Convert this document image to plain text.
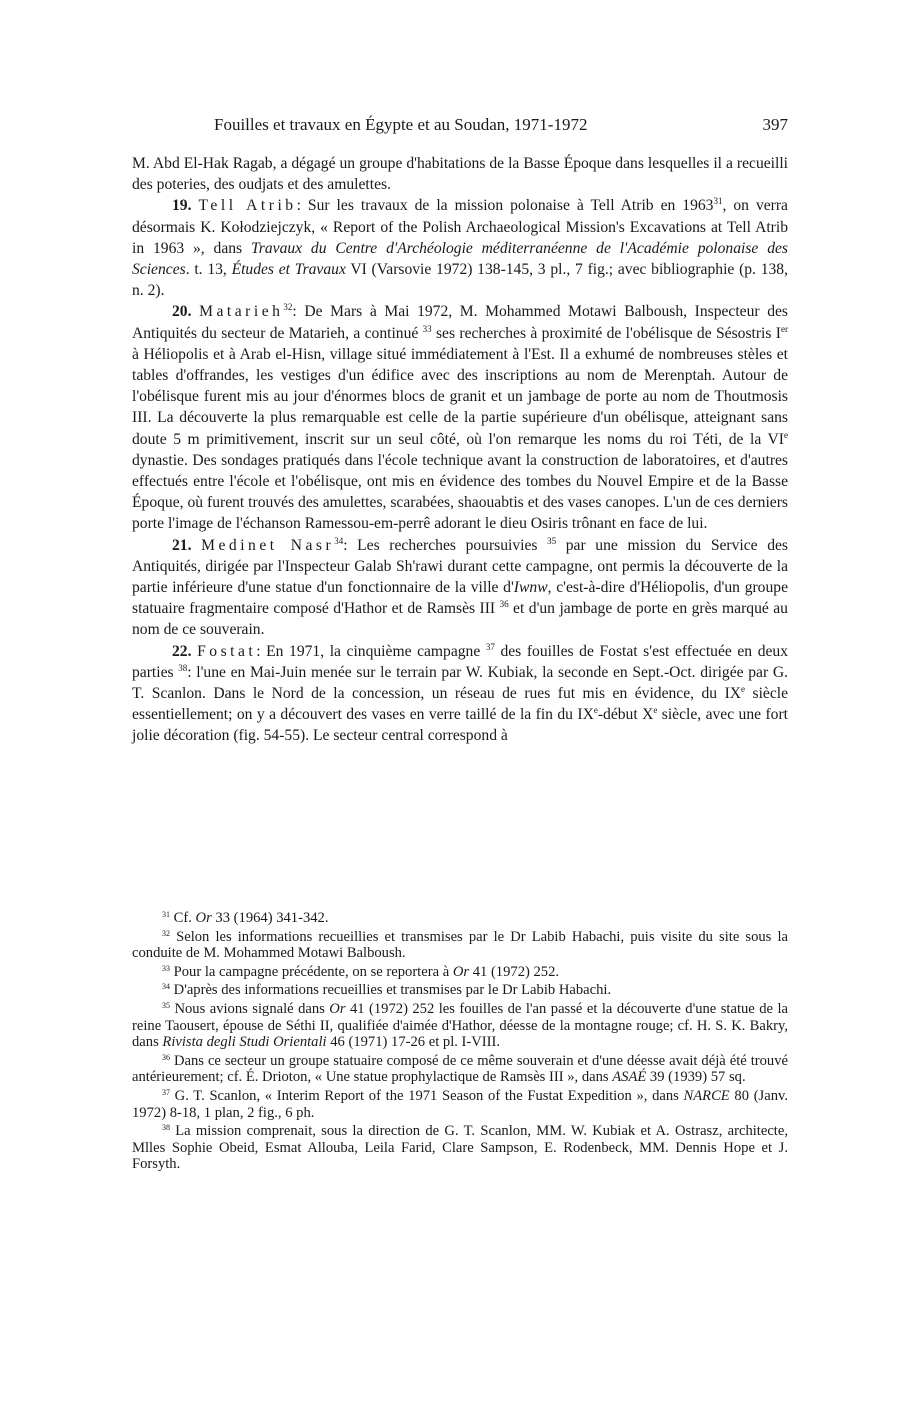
Fouilles et travaux en Égypte et au Soudan, 1971-1972	397

M. Abd El-Hak Ragab, a dégagé un groupe d'habitations de la Basse Époque dans lesquelles il a recueilli des poteries, des oudjats et des amulettes.

19. Tell Atrib: Sur les travaux de la mission polonaise à Tell Atrib en 1963$^{31}$, on verra désormais K. Kołodziejczyk, « Report of the Polish Archaeological Mission's Excavations at Tell Atrib in 1963 », dans Travaux du Centre d'Archéologie méditerranéenne de l'Académie polonaise des Sciences. t. 13, Études et Travaux VI (Varsovie 1972) 138-145, 3 pl., 7 fig.; avec bibliographie (p. 138, n. 2).

20. Matarieh$^{32}$: De Mars à Mai 1972, M. Mohammed Motawi Balboush, Inspecteur des Antiquités du secteur de Matarieh, a continué $^{33}$ ses recherches à proximité de l'obélisque de Sésostris Ier à Héliopolis et à Arab el-Hisn, village situé immédiatement à l'Est. Il a exhumé de nombreuses stèles et tables d'offrandes, les vestiges d'un édifice avec des inscriptions au nom de Merenptah. Autour de l'obélisque furent mis au jour d'énormes blocs de granit et un jambage de porte au nom de Thoutmosis III. La découverte la plus remarquable est celle de la partie supérieure d'un obélisque, atteignant sans doute 5 m primitivement, inscrit sur un seul côté, où l'on remarque les noms du roi Téti, de la VIe dynastie. Des sondages pratiqués dans l'école technique avant la construction de laboratoires, et d'autres effectués entre l'école et l'obélisque, ont mis en évidence des tombes du Nouvel Empire et de la Basse Époque, où furent trouvés des amulettes, scarabées, shaouabtis et des vases canopes. L'un de ces derniers porte l'image de l'échanson Ramessou-em-perrê adorant le dieu Osiris trônant en face de lui.

21. Medinet Nasr$^{34}$: Les recherches poursuivies $^{35}$ par une mission du Service des Antiquités, dirigée par l'Inspecteur Galab Sh'rawi durant cette campagne, ont permis la découverte de la partie inférieure d'une statue d'un fonctionnaire de la ville d'Iwnw, c'est-à-dire d'Héliopolis, d'un groupe statuaire fragmentaire composé d'Hathor et de Ramsès III $^{36}$ et d'un jambage de porte en grès marqué au nom de ce souverain.

22. Fostat: En 1971, la cinquième campagne $^{37}$ des fouilles de Fostat s'est effectuée en deux parties $^{38}$: l'une en Mai-Juin menée sur le terrain par W. Kubiak, la seconde en Sept.-Oct. dirigée par G. T. Scanlon. Dans le Nord de la concession, un réseau de rues fut mis en évidence, du IXe siècle essentiellement; on y a découvert des vases en verre taillé de la fin du IXe-début Xe siècle, avec une fort jolie décoration (fig. 54-55). Le secteur central correspond à

$^{31}$ Cf. Or 33 (1964) 341-342.

$^{32}$ Selon les informations recueillies et transmises par le Dr Labib Habachi, puis visite du site sous la conduite de M. Mohammed Motawi Balboush.

$^{33}$ Pour la campagne précédente, on se reportera à Or 41 (1972) 252.

$^{34}$ D'après des informations recueillies et transmises par le Dr Labib Habachi.

$^{35}$ Nous avions signalé dans Or 41 (1972) 252 les fouilles de l'an passé et la découverte d'une statue de la reine Taousert, épouse de Séthi II, qualifiée d'aimée d'Hathor, déesse de la montagne rouge; cf. H. S. K. Bakry, dans Rivista degli Studi Orientali 46 (1971) 17-26 et pl. I-VIII.

$^{36}$ Dans ce secteur un groupe statuaire composé de ce même souverain et d'une déesse avait déjà été trouvé antérieurement; cf. É. Drioton, « Une statue prophylactique de Ramsès III », dans ASAÉ 39 (1939) 57 sq.

$^{37}$ G. T. Scanlon, « Interim Report of the 1971 Season of the Fustat Expedition », dans NARCE 80 (Janv. 1972) 8-18, 1 plan, 2 fig., 6 ph.

$^{38}$ La mission comprenait, sous la direction de G. T. Scanlon, MM. W. Kubiak et A. Ostrasz, architecte, Mlles Sophie Obeid, Esmat Allouba, Leila Farid, Clare Sampson, E. Rodenbeck, MM. Dennis Hope et J. Forsyth.
